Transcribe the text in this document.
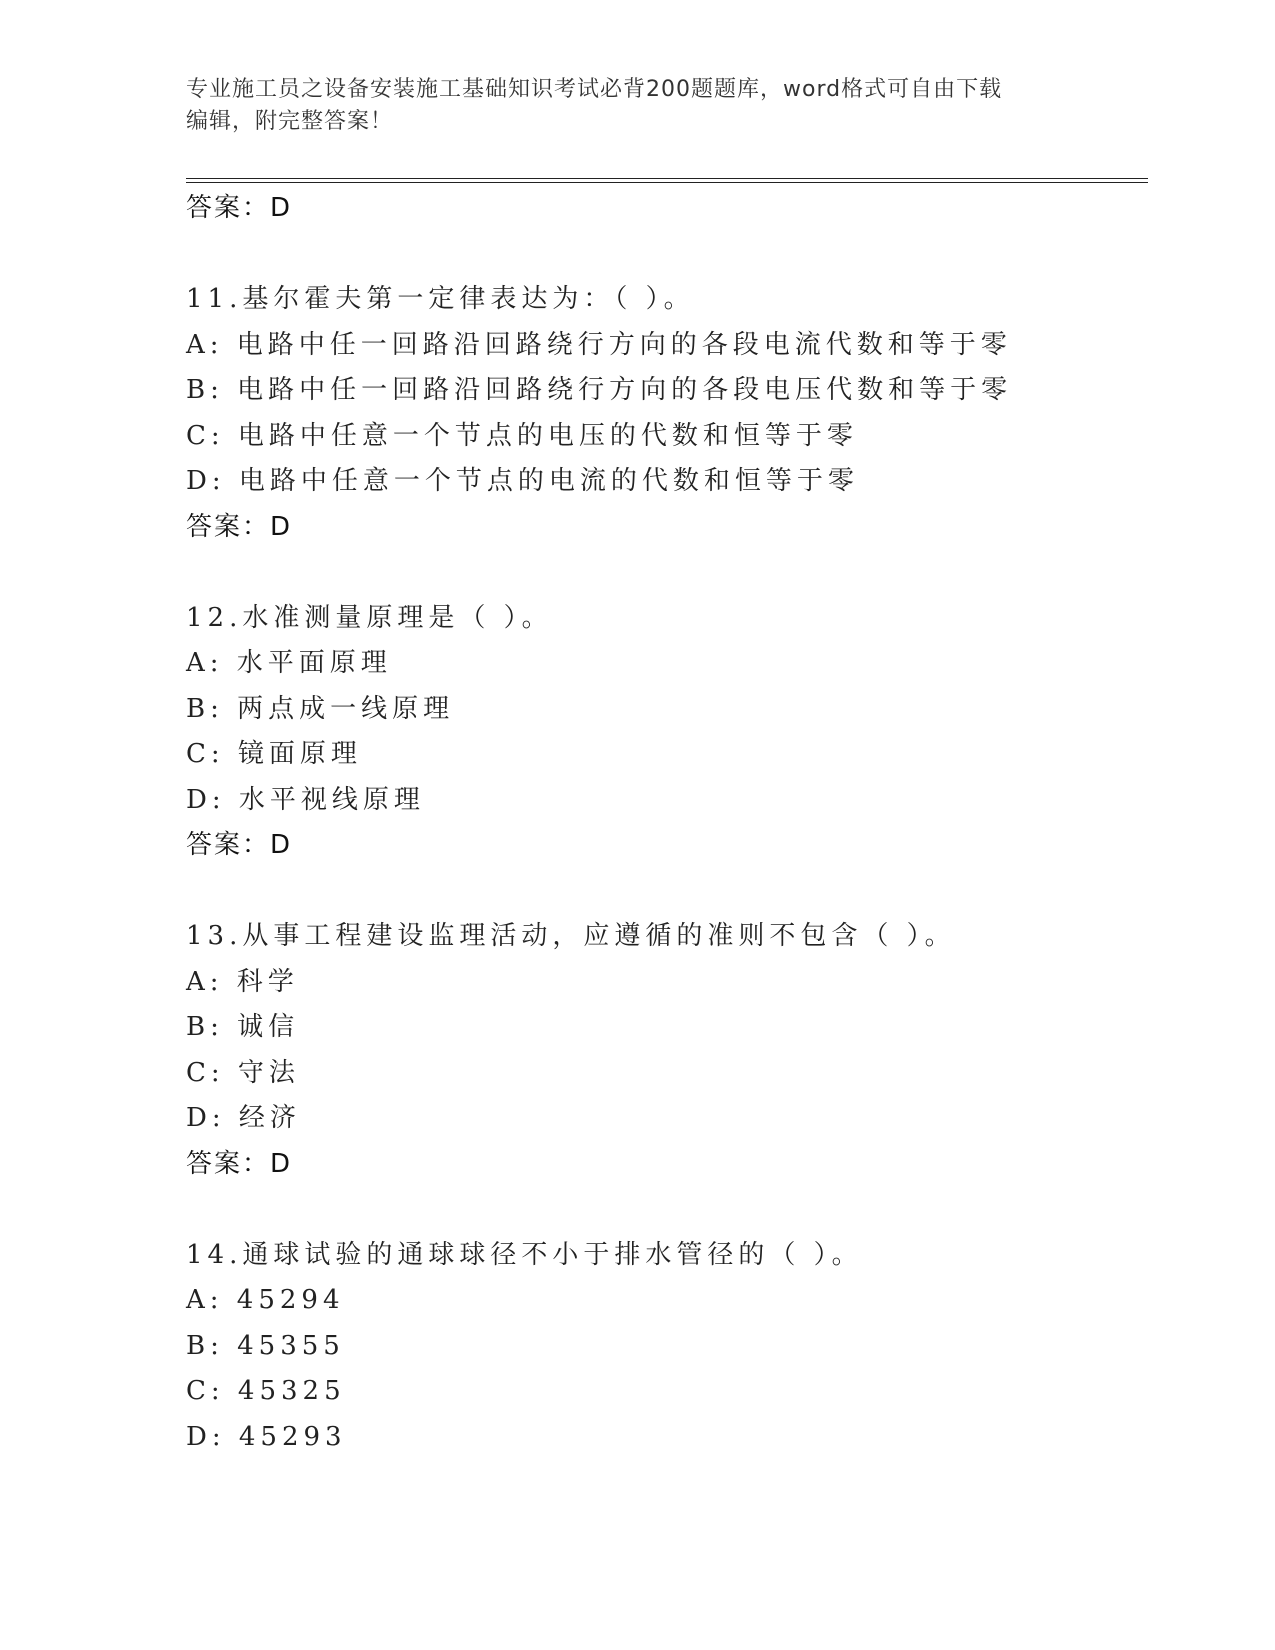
专业施工员之设备安装施工基础知识考试必背200题题库，word格式可自由下载
编辑，附完整答案！
答案：D
11.基尔霍夫第一定律表达为：（ ）。
A: 电路中任一回路沿回路绕行方向的各段电流代数和等于零
B: 电路中任一回路沿回路绕行方向的各段电压代数和等于零
C: 电路中任意一个节点的电压的代数和恒等于零
D: 电路中任意一个节点的电流的代数和恒等于零
答案：D
12.水准测量原理是（ ）。
A: 水平面原理
B: 两点成一线原理
C: 镜面原理
D: 水平视线原理
答案：D
13.从事工程建设监理活动，应遵循的准则不包含（ ）。
A: 科学
B: 诚信
C: 守法
D: 经济
答案：D
14.通球试验的通球球径不小于排水管径的（ ）。
A: 45294
B: 45355
C: 45325
D: 45293
